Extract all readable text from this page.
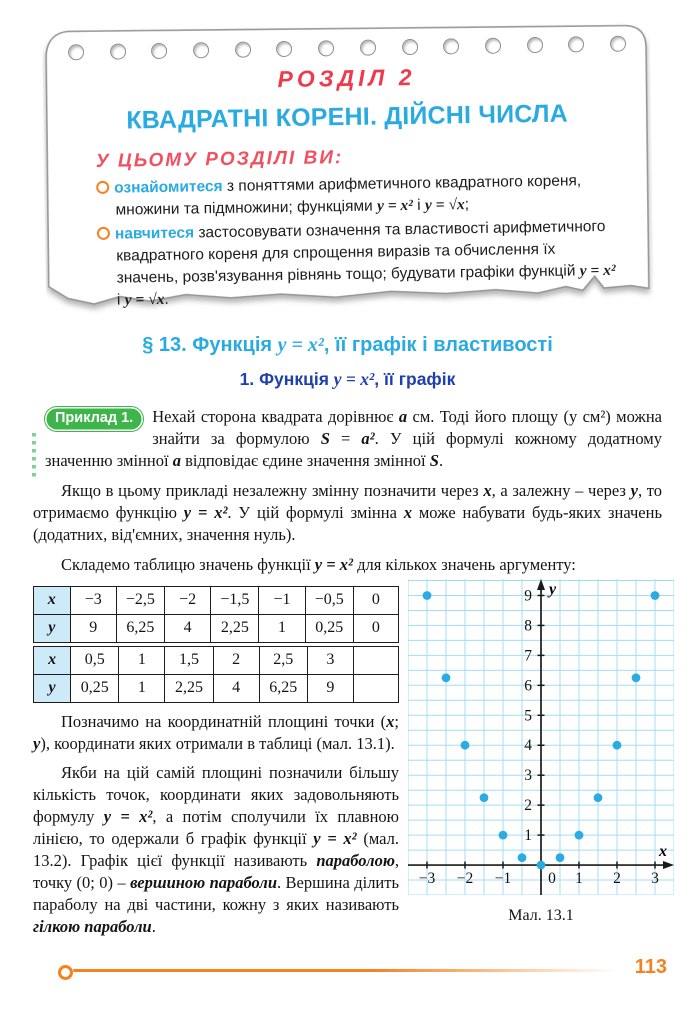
РОЗДІЛ 2
КВАДРАТНІ КОРЕНІ. ДІЙСНІ ЧИСЛА
У ЦЬОМУ РОЗДІЛІ ВИ:
ознайомитеся з поняттями арифметичного квадратного кореня, множини та підмножини; функціями y = x² і y = √x;
навчитеся застосовувати означення та властивості арифметичного квадратного кореня для спрощення виразів та обчислення їх значень, розв'язування рівнянь тощо; будувати графіки функцій y = x² і y = √x.
§ 13. Функція y = x², її графік і властивості
1. Функція y = x², її графік
Приклад 1.	Нехай сторона квадрата дорівнює a см. Тоді його площу (у см²) можна знайти за формулою S = a². У цій формулі кожному додатному значенню змінної a відповідає єдине значення змінної S.

Якщо в цьому прикладі незалежну змінну позначити через x, а залежну – через y, то отримаємо функцію y = x². У цій формулі змінна x може набувати будь-яких значень (додатних, від'ємних, значення нуль).

Складемо таблицю значень функції y = x² для кількох значень аргументу:

x	−3	−2,5	−2	−1,5	−1	−0,5	0
y	9	6,25	4	2,25	1	0,25	0
x	0,5	1	1,5	2	2,5	3	
y	0,25	1	2,25	4	6,25	9	

Позначимо на координатній площині точки (x; y), координати яких отримали в таблиці (мал. 13.1).

Якби на цій самій площині позначили більшу кількість точок, координати яких задовольняють формулу y = x², а потім сполучили їх плавною лінією, то одержали б графік функції y = x² (мал. 13.2). Графік цієї функції називають параболою, точку (0; 0) – вершиною параболи. Вершина ділить параболу на дві частини, кожну з яких називають гілкою параболи.

−3 −2 −1 0 1 2 3
1
2
3
4
5
6
7
8
9
x
y
Мал. 13.1
113
